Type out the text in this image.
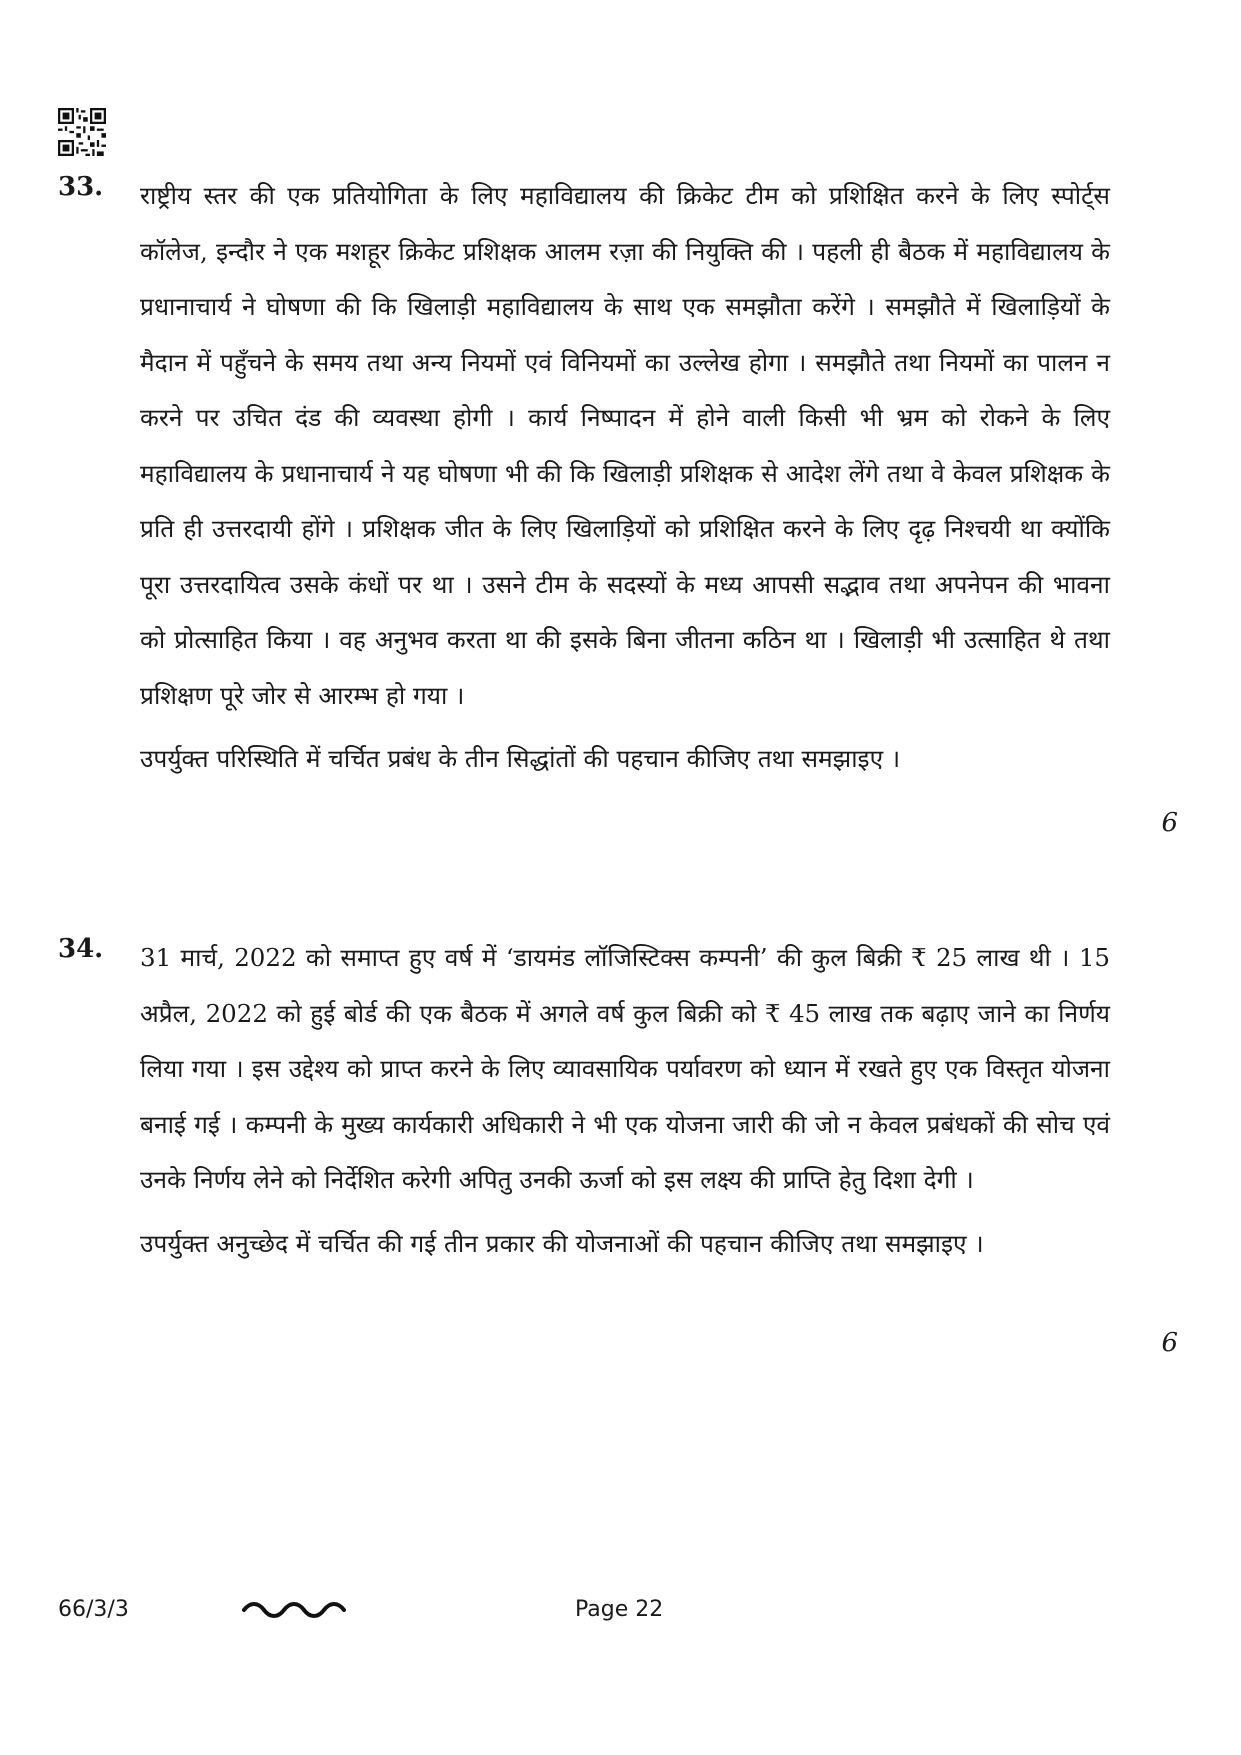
33. राष्ट्रीय स्तर की एक प्रतियोगिता के लिए महाविद्यालय की क्रिकेट टीम को प्रशिक्षित करने के लिए स्पोर्ट्स कॉलेज, इन्दौर ने एक मशहूर क्रिकेट प्रशिक्षक आलम रज़ा की नियुक्ति की । पहली ही बैठक में महाविद्यालय के प्रधानाचार्य ने घोषणा की कि खिलाड़ी महाविद्यालय के साथ एक समझौता करेंगे । समझौते में खिलाड़ियों के मैदान में पहुँचने के समय तथा अन्य नियमों एवं विनियमों का उल्लेख होगा । समझौते तथा नियमों का पालन न करने पर उचित दंड की व्यवस्था होगी । कार्य निष्पादन में होने वाली किसी भी भ्रम को रोकने के लिए महाविद्यालय के प्रधानाचार्य ने यह घोषणा भी की कि खिलाड़ी प्रशिक्षक से आदेश लेंगे तथा वे केवल प्रशिक्षक के प्रति ही उत्तरदायी होंगे । प्रशिक्षक जीत के लिए खिलाड़ियों को प्रशिक्षित करने के लिए दृढ़ निश्चयी था क्योंकि पूरा उत्तरदायित्व उसके कंधों पर था । उसने टीम के सदस्यों के मध्य आपसी सद्भाव तथा अपनेपन की भावना को प्रोत्साहित किया । वह अनुभव करता था की इसके बिना जीतना कठिन था । खिलाड़ी भी उत्साहित थे तथा प्रशिक्षण पूरे जोर से आरम्भ हो गया ।

उपर्युक्त परिस्थिति में चर्चित प्रबंध के तीन सिद्धांतों की पहचान कीजिए तथा समझाइए ।

6
34. 31 मार्च, 2022 को समाप्त हुए वर्ष में ‘डायमंड लॉजिस्टिक्स कम्पनी’ की कुल बिक्री ₹ 25 लाख थी । 15 अप्रैल, 2022 को हुई बोर्ड की एक बैठक में अगले वर्ष कुल बिक्री को ₹ 45 लाख तक बढ़ाए जाने का निर्णय लिया गया । इस उद्देश्य को प्राप्त करने के लिए व्यावसायिक पर्यावरण को ध्यान में रखते हुए एक विस्तृत योजना बनाई गई । कम्पनी के मुख्य कार्यकारी अधिकारी ने भी एक योजना जारी की जो न केवल प्रबंधकों की सोच एवं उनके निर्णय लेने को निर्देशित करेगी अपितु उनकी ऊर्जा को इस लक्ष्य की प्राप्ति हेतु दिशा देगी ।

उपर्युक्त अनुच्छेद में चर्चित की गई तीन प्रकार की योजनाओं की पहचान कीजिए तथा समझाइए ।

6
66/3/3	Page 22
